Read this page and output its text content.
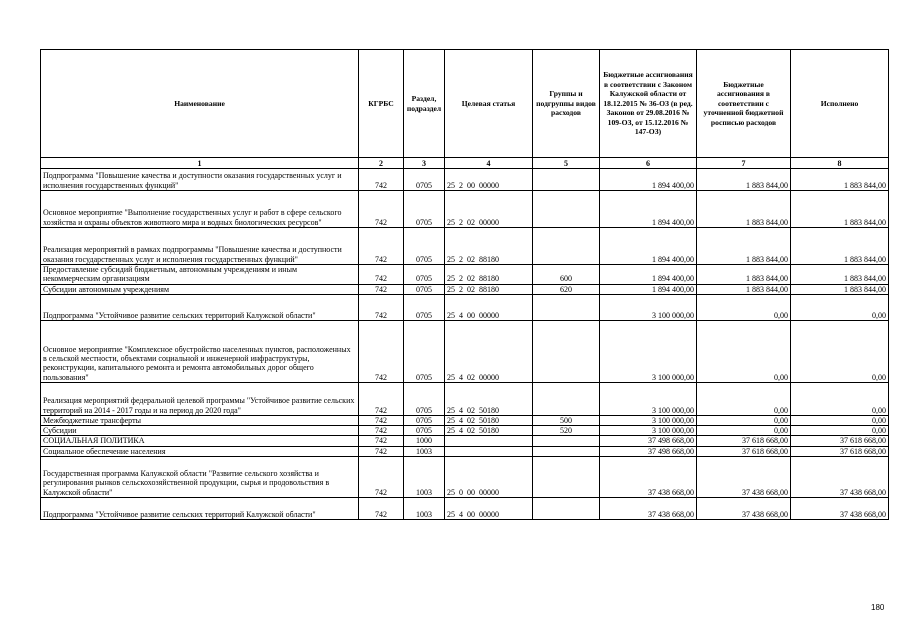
Наименование	КГРБС	Раздел, подраздел	Целевая статья	Группы и подгруппы видов расходов	Бюджетные ассигнования в соответствии с Законом Калужской области от 18.12.2015 № 36-ОЗ (в ред. Законов от 29.08.2016 № 109-ОЗ, от 15.12.2016 № 147-ОЗ)	Бюджетные ассигнования в соответствии с уточненной бюджетной росписью расходов	Исполнено
1	2	3	4	5	6	7	8
Подпрограмма "Повышение качества и доступности оказания государственных услуг и исполнения государственных функций"	742	0705	25  2  00  00000		1 894 400,00	1 883 844,00	1 883 844,00
Основное мероприятие "Выполнение государственных услуг и работ в сфере сельского хозяйства и охраны объектов животного мира и водных биологических ресурсов"	742	0705	25  2  02  00000		1 894 400,00	1 883 844,00	1 883 844,00
Реализация мероприятий в рамках подпрограммы "Повышение качества и доступности оказания государственных услуг и исполнения государственных функций"	742	0705	25  2  02  88180		1 894 400,00	1 883 844,00	1 883 844,00
Предоставление субсидий бюджетным, автономным учреждениям и иным некоммерческим организациям	742	0705	25  2  02  88180	600	1 894 400,00	1 883 844,00	1 883 844,00
Субсидии автономным учреждениям	742	0705	25  2  02  88180	620	1 894 400,00	1 883 844,00	1 883 844,00
Подпрограмма "Устойчивое развитие сельских территорий Калужской области"	742	0705	25  4  00  00000		3 100 000,00	0,00	0,00
Основное мероприятие "Комплексное обустройство населенных пунктов, расположенных в сельской местности, объектами социальной и инженерной инфраструктуры, реконструкции, капитального ремонта и ремонта автомобильных дорог общего пользования"	742	0705	25  4  02  00000		3 100 000,00	0,00	0,00
Реализация мероприятий федеральной целевой программы "Устойчивое развитие сельских территорий на 2014 - 2017 годы и на период до 2020 года"	742	0705	25  4  02  50180		3 100 000,00	0,00	0,00
Межбюджетные трансферты	742	0705	25  4  02  50180	500	3 100 000,00	0,00	0,00
Субсидии	742	0705	25  4  02  50180	520	3 100 000,00	0,00	0,00
СОЦИАЛЬНАЯ ПОЛИТИКА	742	1000			37 498 668,00	37 618 668,00	37 618 668,00
Социальное обеспечение населения	742	1003			37 498 668,00	37 618 668,00	37 618 668,00
Государственная программа Калужской области "Развитие сельского хозяйства и регулирования рынков сельскохозяйственной продукции, сырья и продовольствия в Калужской области"	742	1003	25  0  00  00000		37 438 668,00	37 438 668,00	37 438 668,00
Подпрограмма "Устойчивое развитие сельских территорий Калужской области"	742	1003	25  4  00  00000		37 438 668,00	37 438 668,00	37 438 668,00
180
